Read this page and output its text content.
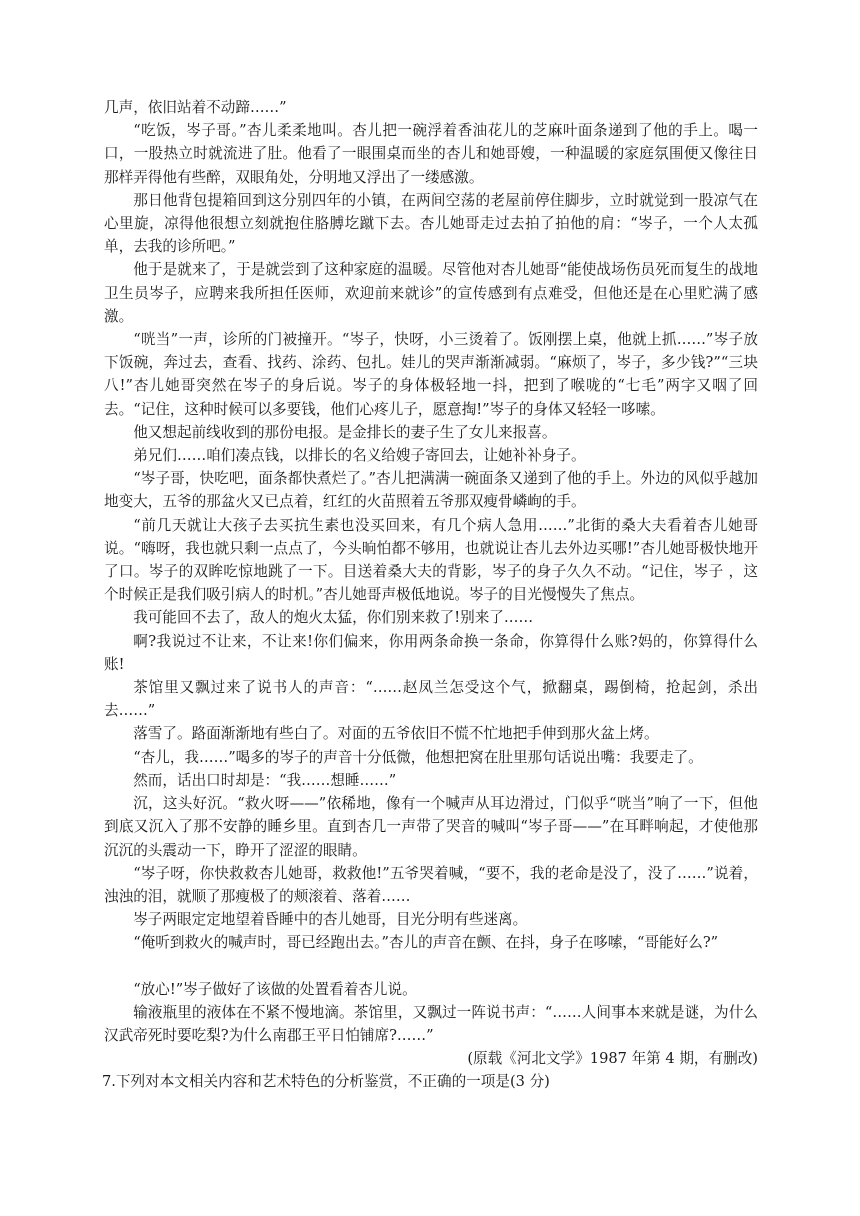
几声，依旧站着不动蹄……”

“吃饭，岑子哥。”杏儿柔柔地叫。杏儿把一碗浮着香油花儿的芝麻叶面条递到了他的手上。喝一口，一股热立时就流进了肚。他看了一眼围桌而坐的杏儿和她哥嫂，一种温暖的家庭氛围便又像往日那样弄得他有些醉，双眼角处，分明地又浮出了一缕感激。

那日他背包提箱回到这分别四年的小镇，在两间空荡的老屋前停住脚步，立时就觉到一股凉气在心里旋，凉得他很想立刻就抱住胳膊圪蹴下去。杏儿她哥走过去拍了拍他的肩：“岑子，一个人太孤单，去我的诊所吧。”

他于是就来了，于是就尝到了这种家庭的温暖。尽管他对杏儿她哥“能使战场伤员死而复生的战地卫生员岑子，应聘来我所担任医师，欢迎前来就诊”的宣传感到有点难受，但他还是在心里贮满了感激。

“咣当”一声，诊所的门被撞开。“岑子，快呀，小三烫着了。饭刚摆上桌，他就上抓……”岑子放下饭碗，奔过去，查看、找药、涂药、包扎。娃儿的哭声渐渐减弱。“麻烦了，岑子，多少钱?”“三块八!”杏儿她哥突然在岑子的身后说。岑子的身体极轻地一抖，把到了喉咙的“七毛”两字又咽了回去。“记住，这种时候可以多要钱，他们心疼儿子，愿意掏!”岑子的身体又轻轻一哆嗦。

他又想起前线收到的那份电报。是金排长的妻子生了女儿来报喜。

弟兄们……咱们凑点钱，以排长的名义给嫂子寄回去，让她补补身子。

“岑子哥，快吃吧，面条都快煮烂了。”杏儿把满满一碗面条又递到了他的手上。外边的风似乎越加地变大，五爷的那盆火又已点着，红红的火苗照着五爷那双瘦骨嶙峋的手。

“前几天就让大孩子去买抗生素也没买回来，有几个病人急用……”北街的桑大夫看着杏儿她哥说。“嗨呀，我也就只剩一点点了，今头晌怕都不够用，也就说让杏儿去外边买哪!”杏儿她哥极快地开了口。岑子的双眸吃惊地跳了一下。目送着桑大夫的背影，岑子的身子久久不动。“记住，岑子 ，这个时候正是我们吸引病人的时机。”杏儿她哥声极低地说。岑子的目光慢慢失了焦点。

我可能回不去了，敌人的炮火太猛，你们别来救了!别来了……

啊?我说过不让来，不让来!你们偏来，你用两条命换一条命，你算得什么账?妈的，你算得什么账!

茶馆里又飘过来了说书人的声音：“……赵凤兰怎受这个气，掀翻桌，踢倒椅，抢起剑，杀出去……”

落雪了。路面渐渐地有些白了。对面的五爷依旧不慌不忙地把手伸到那火盆上烤。

“杏儿，我……”喝多的岑子的声音十分低微，他想把窝在肚里那句话说出嘴：我要走了。

然而，话出口时却是：“我……想睡……”

沉，这头好沉。“救火呀——”依稀地，像有一个喊声从耳边滑过，门似乎“咣当”响了一下，但他到底又沉入了那不安静的睡乡里。直到杏几一声带了哭音的喊叫“岑子哥——”在耳畔响起，才使他那沉沉的头震动一下，睁开了涩涩的眼睛。

“岑子呀，你快救救杏儿她哥，救救他!”五爷哭着喊，“要不，我的老命是没了，没了……”说着，浊浊的泪，就顺了那瘦极了的颊滚着、落着……

岑子两眼定定地望着昏睡中的杏儿她哥，目光分明有些迷离。

“俺听到救火的喊声时，哥已经跑出去。”杏儿的声音在颤、在抖，身子在哆嗦，“哥能好么?”

“放心!”岑子做好了该做的处置看着杏儿说。

输液瓶里的液体在不紧不慢地滴。茶馆里，又飘过一阵说书声：“……人间事本来就是谜，为什么汉武帝死时要吃梨?为什么南郡王平日怕铺席?……”

(原载《河北文学》1987 年第 4 期，有删改)

7.下列对本文相关内容和艺术特色的分析鉴赏，不正确的一项是(3 分)
